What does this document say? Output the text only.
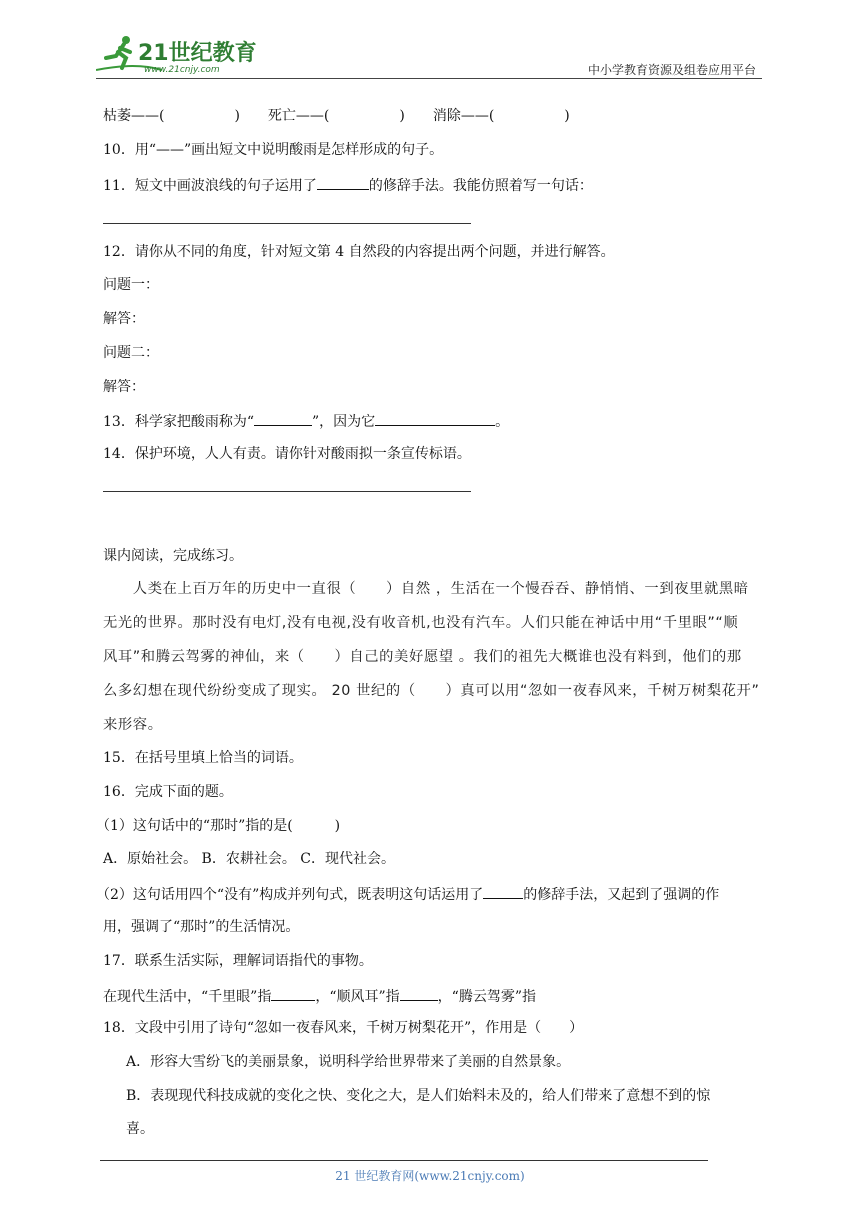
21世纪教育
www.21cnjy.com	中小学教育资源及组卷应用平台
枯萎——(　　　　　)　　死亡——(　　　　　)　　消除——(　　　　　)
10．用“——”画出短文中说明酸雨是怎样形成的句子。
11．短文中画波浪线的句子运用了	的修辞手法。我能仿照着写一句话：
12．请你从不同的角度，针对短文第 4 自然段的内容提出两个问题，并进行解答。
问题一：
解答：
问题二：
解答：
13．科学家把酸雨称为“	”，因为它	。
14．保护环境，人人有责。请你针对酸雨拟一条宣传标语。
课内阅读，完成练习。
　　人类在上百万年的历史中一直很（　　）自然 ，生活在一个慢吞吞、静悄悄、一到夜里就黑暗
无光的世界。那时没有电灯,没有电视,没有收音机,也没有汽车。人们只能在神话中用“千里眼”“顺
风耳”和腾云驾雾的神仙，来（　　）自己的美好愿望 。我们的祖先大概谁也没有料到，他们的那
么多幻想在现代纷纷变成了现实。 20 世纪的（　　）真可以用“忽如一夜春风来，千树万树梨花开”
来形容。
15．在括号里填上恰当的词语。
16．完成下面的题。
（1）这句话中的“那时”指的是(　　　)
A．原始社会。 B．农耕社会。 C．现代社会。
（2）这句话用四个“没有”构成并列句式，既表明这句话运用了	的修辞手法，又起到了强调的作
用，强调了“那时”的生活情况。
17．联系生活实际，理解词语指代的事物。
在现代生活中，“千里眼”指	，“顺风耳”指	，“腾云驾雾”指
18．文段中引用了诗句“忽如一夜春风来，千树万树梨花开”，作用是（　　）
A．形容大雪纷飞的美丽景象，说明科学给世界带来了美丽的自然景象。
B．表现现代科技成就的变化之快、变化之大，是人们始料未及的，给人们带来了意想不到的惊
喜。
21 世纪教育网(www.21cnjy.com)
